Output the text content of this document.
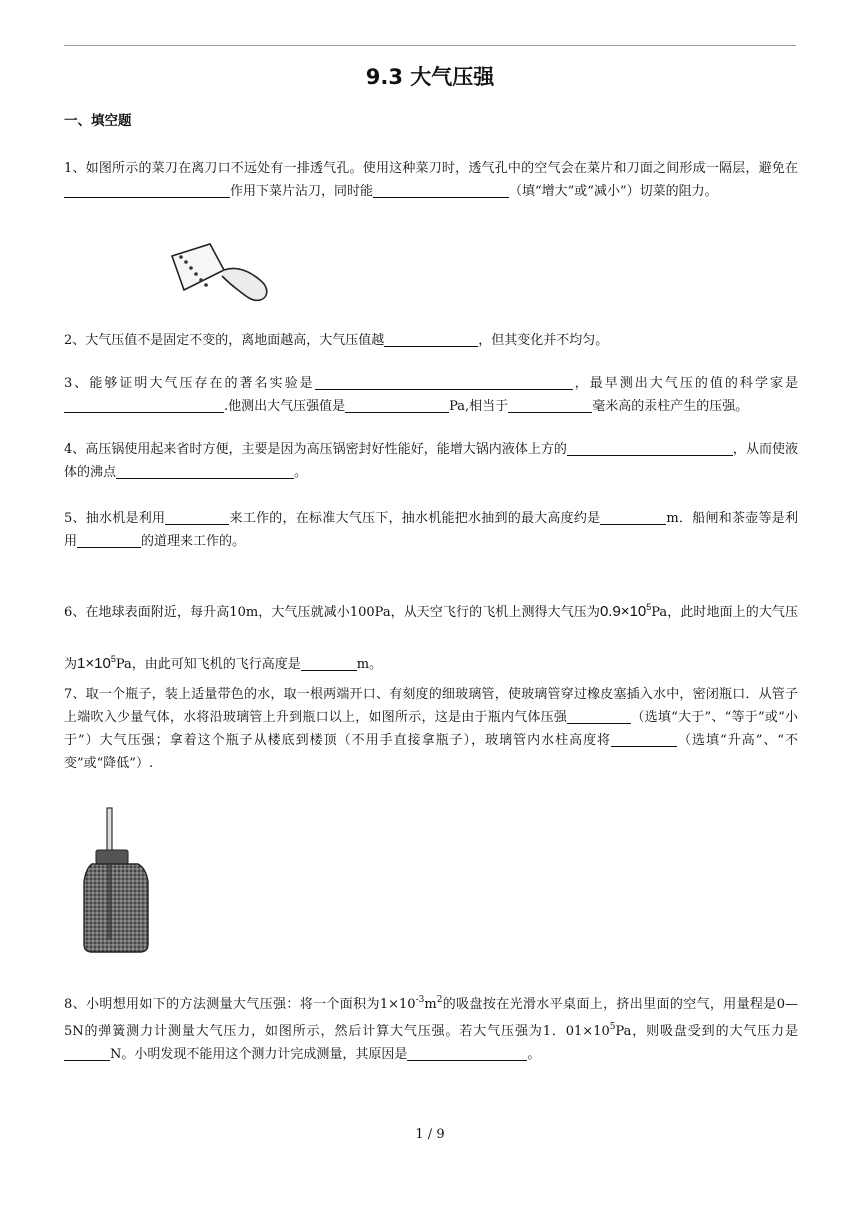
9.3 大气压强
一、填空题
1、如图所示的菜刀在离刀口不远处有一排透气孔。使用这种菜刀时，透气孔中的空气会在菜片和刀面之间形成一隔层，避免在作用下菜片沾刀，同时能	（填“增大”或“减小”）切菜的阻力。
2、大气压值不是固定不变的，离地面越高，大气压值越	，但其变化并不均匀。
3、能够证明大气压存在的著名实验是	，最早测出大气压的值的科学家是.他测出大气压强值是	Pa,相当于	毫米高的汞柱产生的压强。
4、高压锅使用起来省时方便，主要是因为高压锅密封好性能好，能增大锅内液体上方的	，从而使液体的沸点	。
5、抽水机是利用	来工作的，在标准大气压下，抽水机能把水抽到的最大高度约是	m．船闸和茶壶等是利用	的道理来工作的。
6、在地球表面附近，每升高10m，大气压就减小100Pa，从天空飞行的飞机上测得大气压为$0.9\times 10^5Pa$，此时地面上的大气压为$1\times 10^5Pa$，由此可知飞机的飞行高度是	m。
7、取一个瓶子，装上适量带色的水，取一根两端开口、有刻度的细玻璃管，使玻璃管穿过橡皮塞插入水中，密闭瓶口．从管子上端吹入少量气体，水将沿玻璃管上升到瓶口以上，如图所示，这是由于瓶内气体压强	（选填“大于”、“等于”或“小于”）大气压强；拿着这个瓶子从楼底到楼顶（不用手直接拿瓶子），玻璃管内水柱高度将	（选填“升高”、“不变”或“降低”）.
8、小明想用如下的方法测量大气压强：将一个面积为$1\times 10^{-3}m^2$的吸盘按在光滑水平桌面上，挤出里面的空气，用量程是0—5N的弹簧测力计测量大气压力，如图所示，然后计算大气压强。若大气压强为1．$01\times 10^5Pa$，则吸盘受到的大气压力是N。小明发现不能用这个测力计完成测量，其原因是	。
1 / 9
